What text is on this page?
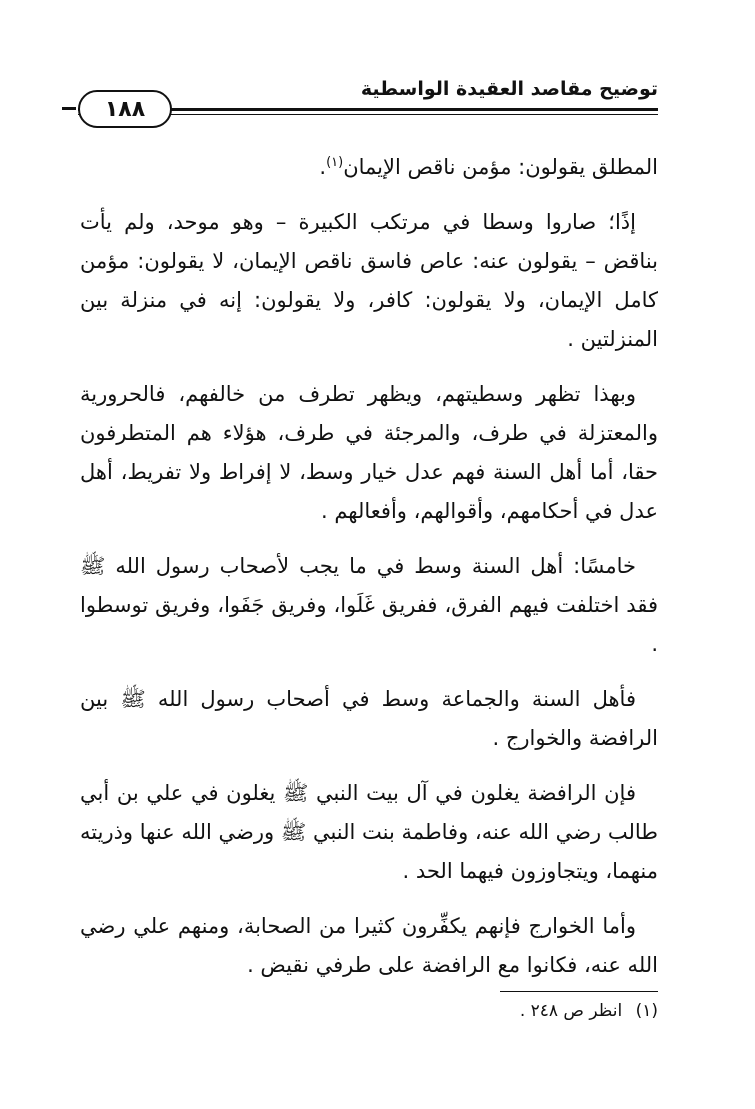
توضيح مقاصد العقيدة الواسطية
١٨٨

المطلق يقولون: مؤمن ناقص الإيمان$^{(١)}$.

إذًا؛ صاروا وسطا في مرتكب الكبيرة – وهو موحد، ولم يأت بناقض – يقولون عنه: عاص فاسق ناقص الإيمان، لا يقولون: مؤمن كامل الإيمان، ولا يقولون: كافر، ولا يقولون: إنه في منزلة بين المنزلتين .

وبهذا تظهر وسطيتهم، ويظهر تطرف من خالفهم، فالحرورية والمعتزلة في طرف، والمرجئة في طرف، هؤلاء هم المتطرفون حقا، أما أهل السنة فهم عدل خيار وسط، لا إفراط ولا تفريط، أهل عدل في أحكامهم، وأقوالهم، وأفعالهم .

خامسًا: أهل السنة وسط في ما يجب لأصحاب رسول الله ﷺ فقد اختلفت فيهم الفرق، ففريق غَلَوا، وفريق جَفَوا، وفريق توسطوا .

فأهل السنة والجماعة وسط في أصحاب رسول الله ﷺ بين الرافضة والخوارج .

فإن الرافضة يغلون في آل بيت النبي ﷺ يغلون في علي بن أبي طالب رضي الله عنه، وفاطمة بنت النبي ﷺ ورضي الله عنها وذريته منهما، ويتجاوزون فيهما الحد .

وأما الخوارج فإنهم يكفِّرون كثيرا من الصحابة، ومنهم علي رضي الله عنه، فكانوا مع الرافضة على طرفي نقيض .

(١) انظر ص ٢٤٨ .
